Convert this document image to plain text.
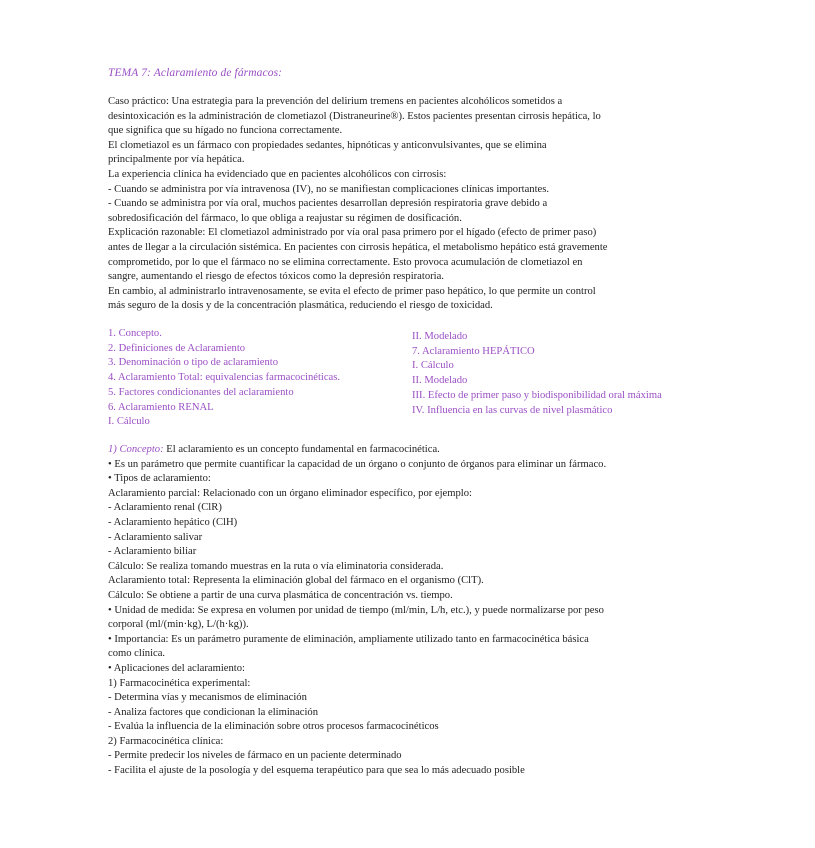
TEMA 7: Aclaramiento de fármacos:
Caso práctico: Una estrategia para la prevención del delirium tremens en pacientes alcohólicos sometidos a
desintoxicación es la administración de clometiazol (Distraneurine®). Estos pacientes presentan cirrosis hepática, lo
que significa que su hígado no funciona correctamente.
El clometiazol es un fármaco con propiedades sedantes, hipnóticas y anticonvulsivantes, que se elimina
principalmente por vía hepática.
La experiencia clínica ha evidenciado que en pacientes alcohólicos con cirrosis:
- Cuando se administra por vía intravenosa (IV), no se manifiestan complicaciones clínicas importantes.
- Cuando se administra por vía oral, muchos pacientes desarrollan depresión respiratoria grave debido a
sobredosificación del fármaco, lo que obliga a reajustar su régimen de dosificación.
Explicación razonable: El clometiazol administrado por vía oral pasa primero por el hígado (efecto de primer paso)
antes de llegar a la circulación sistémica. En pacientes con cirrosis hepática, el metabolismo hepático está gravemente
comprometido, por lo que el fármaco no se elimina correctamente. Esto provoca acumulación de clometiazol en
sangre, aumentando el riesgo de efectos tóxicos como la depresión respiratoria.
En cambio, al administrarlo intravenosamente, se evita el efecto de primer paso hepático, lo que permite un control
más seguro de la dosis y de la concentración plasmática, reduciendo el riesgo de toxicidad.
1. Concepto.
2. Definiciones de Aclaramiento
3. Denominación o tipo de aclaramiento
4. Aclaramiento Total: equivalencias farmacocinéticas.
5. Factores condicionantes del aclaramiento
6. Aclaramiento RENAL
I. Cálculo
II. Modelado
7. Aclaramiento HEPÁTICO
I. Cálculo
II. Modelado
III. Efecto de primer paso y biodisponibilidad oral máxima
IV. Influencia en las curvas de nivel plasmático
1) Concepto: El aclaramiento es un concepto fundamental en farmacocinética.
• Es un parámetro que permite cuantificar la capacidad de un órgano o conjunto de órganos para eliminar un fármaco.
• Tipos de aclaramiento:
Aclaramiento parcial: Relacionado con un órgano eliminador específico, por ejemplo:
- Aclaramiento renal (ClR)
- Aclaramiento hepático (ClH)
- Aclaramiento salivar
- Aclaramiento biliar
Cálculo: Se realiza tomando muestras en la ruta o vía eliminatoria considerada.
Aclaramiento total: Representa la eliminación global del fármaco en el organismo (ClT).
Cálculo: Se obtiene a partir de una curva plasmática de concentración vs. tiempo.
• Unidad de medida: Se expresa en volumen por unidad de tiempo (ml/min, L/h, etc.), y puede normalizarse por peso
corporal (ml/(min·kg), L/(h·kg)).
• Importancia: Es un parámetro puramente de eliminación, ampliamente utilizado tanto en farmacocinética básica
como clínica.
• Aplicaciones del aclaramiento:
1) Farmacocinética experimental:
- Determina vías y mecanismos de eliminación
- Analiza factores que condicionan la eliminación
- Evalúa la influencia de la eliminación sobre otros procesos farmacocinéticos
2) Farmacocinética clínica:
- Permite predecir los niveles de fármaco en un paciente determinado
- Facilita el ajuste de la posología y del esquema terapéutico para que sea lo más adecuado posible
